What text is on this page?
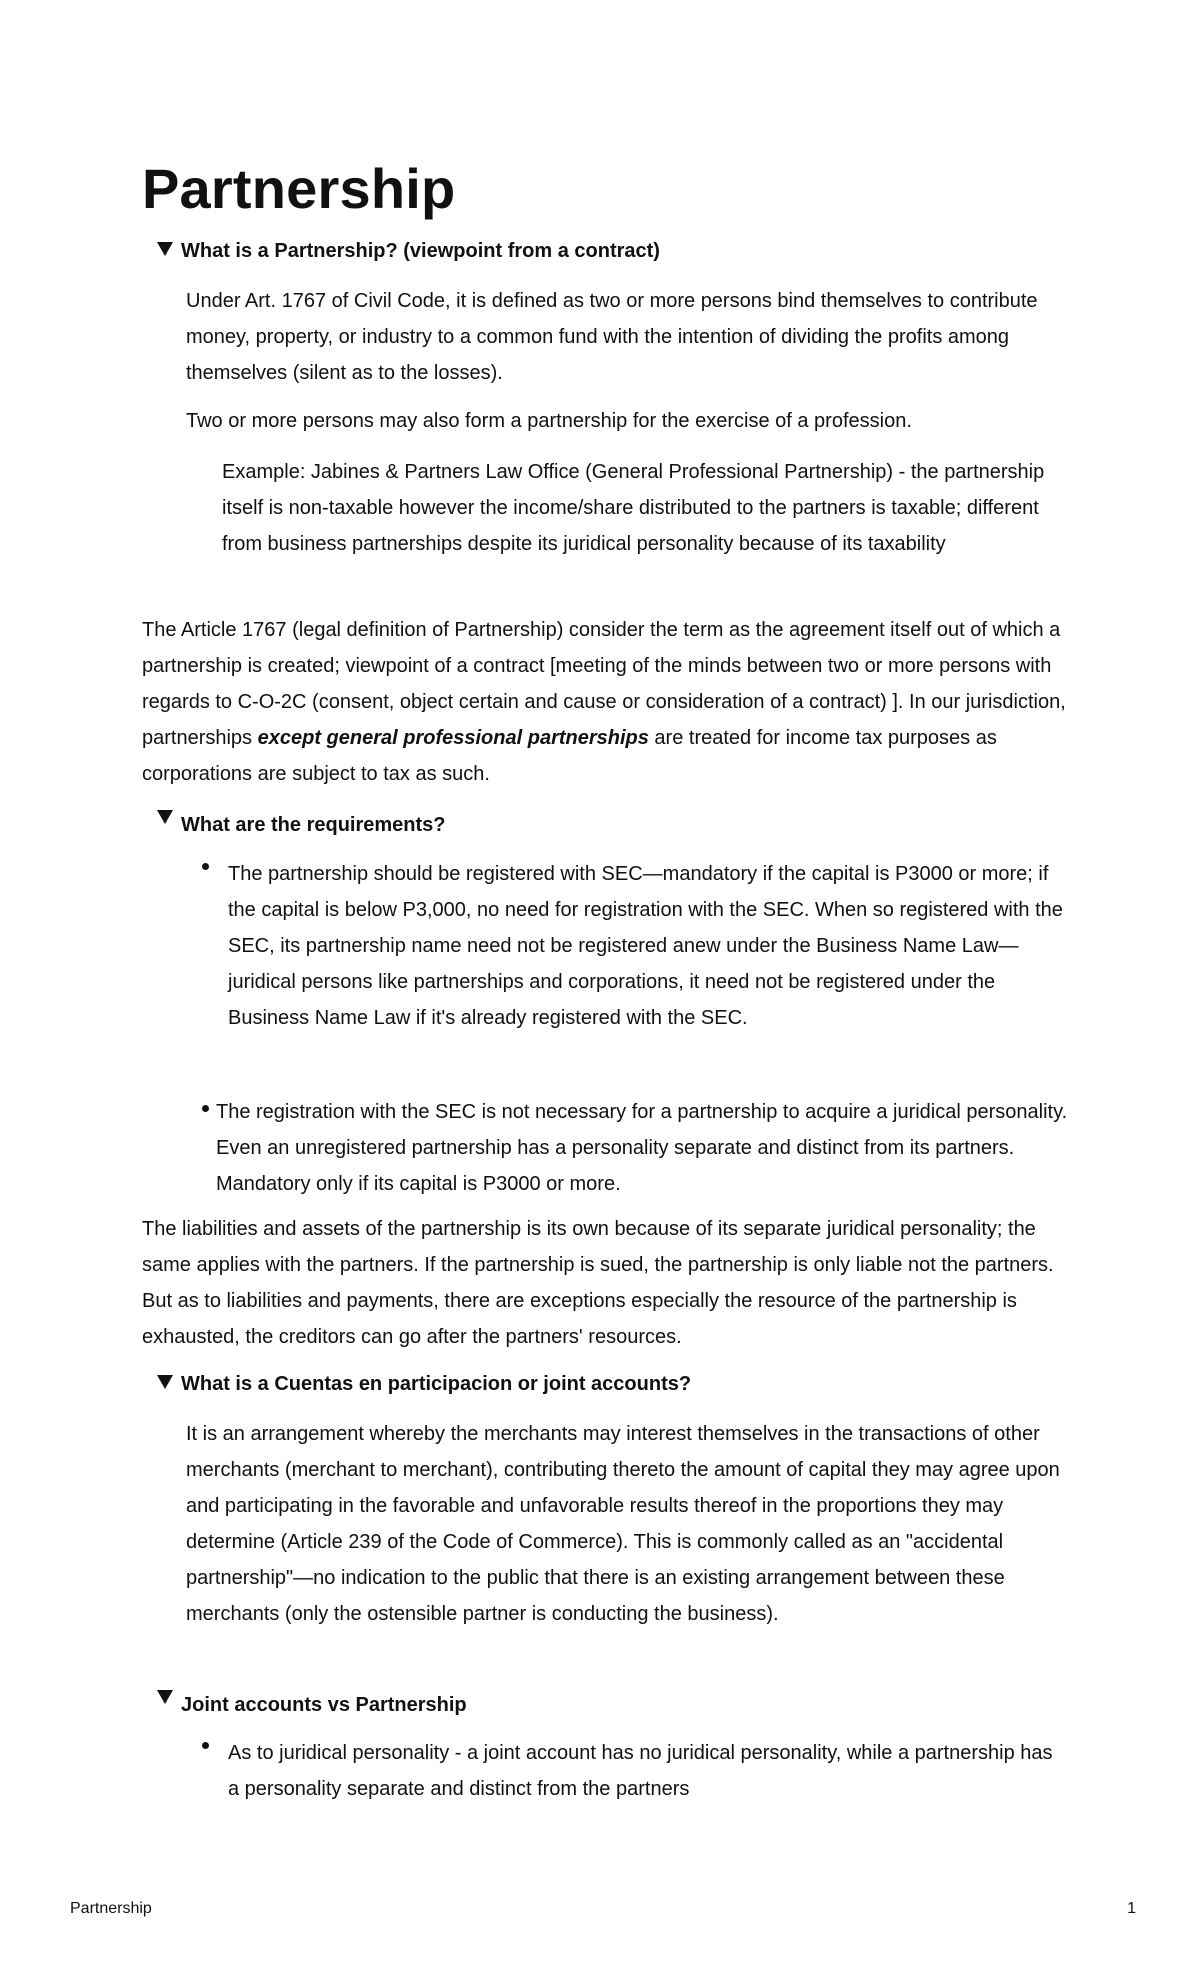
Partnership
What is a Partnership? (viewpoint from a contract)

Under Art. 1767 of Civil Code, it is defined as two or more persons bind themselves to contribute money, property, or industry to a common fund with the intention of dividing the profits among themselves (silent as to the losses).

Two or more persons may also form a partnership for the exercise of a profession.

Example: Jabines & Partners Law Office (General Professional Partnership) - the partnership itself is non-taxable however the income/share distributed to the partners is taxable; different from business partnerships despite its juridical personality because of its taxability

The Article 1767 (legal definition of Partnership) consider the term as the agreement itself out of which a partnership is created; viewpoint of a contract [meeting of the minds between two or more persons with regards to C-O-2C (consent, object certain and cause or consideration of a contract) ]. In our jurisdiction, partnerships except general professional partnerships are treated for income tax purposes as corporations are subject to tax as such.

What are the requirements?

The partnership should be registered with SEC—mandatory if the capital is P3000 or more; if the capital is below P3,000, no need for registration with the SEC. When so registered with the SEC, its partnership name need not be registered anew under the Business Name Law—juridical persons like partnerships and corporations, it need not be registered under the Business Name Law if it's already registered with the SEC.

The registration with the SEC is not necessary for a partnership to acquire a juridical personality. Even an unregistered partnership has a personality separate and distinct from its partners. Mandatory only if its capital is P3000 or more.

The liabilities and assets of the partnership is its own because of its separate juridical personality; the same applies with the partners. If the partnership is sued, the partnership is only liable not the partners. But as to liabilities and payments, there are exceptions especially the resource of the partnership is exhausted, the creditors can go after the partners' resources.

What is a Cuentas en participacion or joint accounts?

It is an arrangement whereby the merchants may interest themselves in the transactions of other merchants (merchant to merchant), contributing thereto the amount of capital they may agree upon and participating in the favorable and unfavorable results thereof in the proportions they may determine (Article 239 of the Code of Commerce). This is commonly called as an "accidental partnership"—no indication to the public that there is an existing arrangement between these merchants (only the ostensible partner is conducting the business).

Joint accounts vs Partnership

As to juridical personality - a joint account has no juridical personality, while a partnership has a personality separate and distinct from the partners

Partnership	1
